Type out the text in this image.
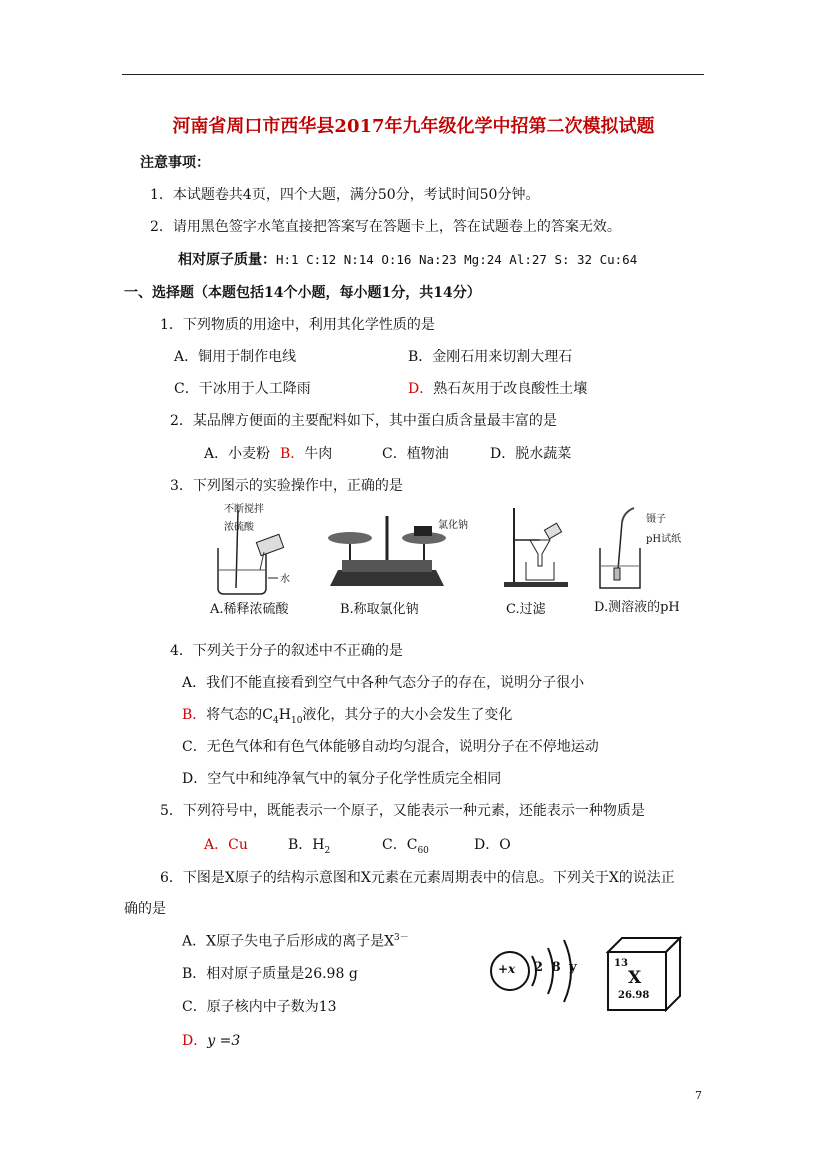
河南省周口市西华县2017年九年级化学中招第二次模拟试题
注意事项：
1．本试题卷共4页，四个大题，满分50分，考试时间50分钟。
2．请用黑色签字水笔直接把答案写在答题卡上，答在试题卷上的答案无效。
相对原子质量：H:1 C:12 N:14 O:16 Na:23 Mg:24 Al:27 S: 32 Cu:64
一、选择题（本题包括14个小题，每小题1分，共14分）
1．下列物质的用途中，利用其化学性质的是
A．铜用于制作电线	B．金刚石用来切割大理石
C．干冰用于人工降雨	D．熟石灰用于改良酸性土壤
2．某品牌方便面的主要配料如下，其中蛋白质含量最丰富的是
A．小麦粉 B．牛肉	C．植物油	D．脱水蔬菜
3．下列图示的实验操作中，正确的是
不断搅拌
浓硫酸
水
A.稀释浓硫酸
氯化钠
B.称取氯化钠	C.过滤
镊子
pH试纸
D.测溶液的pH
4．下列关于分子的叙述中不正确的是
A．我们不能直接看到空气中各种气态分子的存在，说明分子很小
B．将气态的$C_4H_{10}$液化，其分子的大小会发生了变化
C．无色气体和有色气体能够自动均匀混合，说明分子在不停地运动
D．空气中和纯净氧气中的氧分子化学性质完全相同
5．下列符号中，既能表示一个原子，又能表示一种元素，还能表示一种物质是
A．Cu	B．$H_2$	C．$C_{60}$	D．O
6．下图是X原子的结构示意图和X元素在元素周期表中的信息。下列关于X的说法正
确的是
A．X原子失电子后形成的离子是$X^{3-}$
B．相对原子质量是26.98 g
C．原子核内中子数为13
D．y =3
+x 2 8 y	13
X
26.98
7
